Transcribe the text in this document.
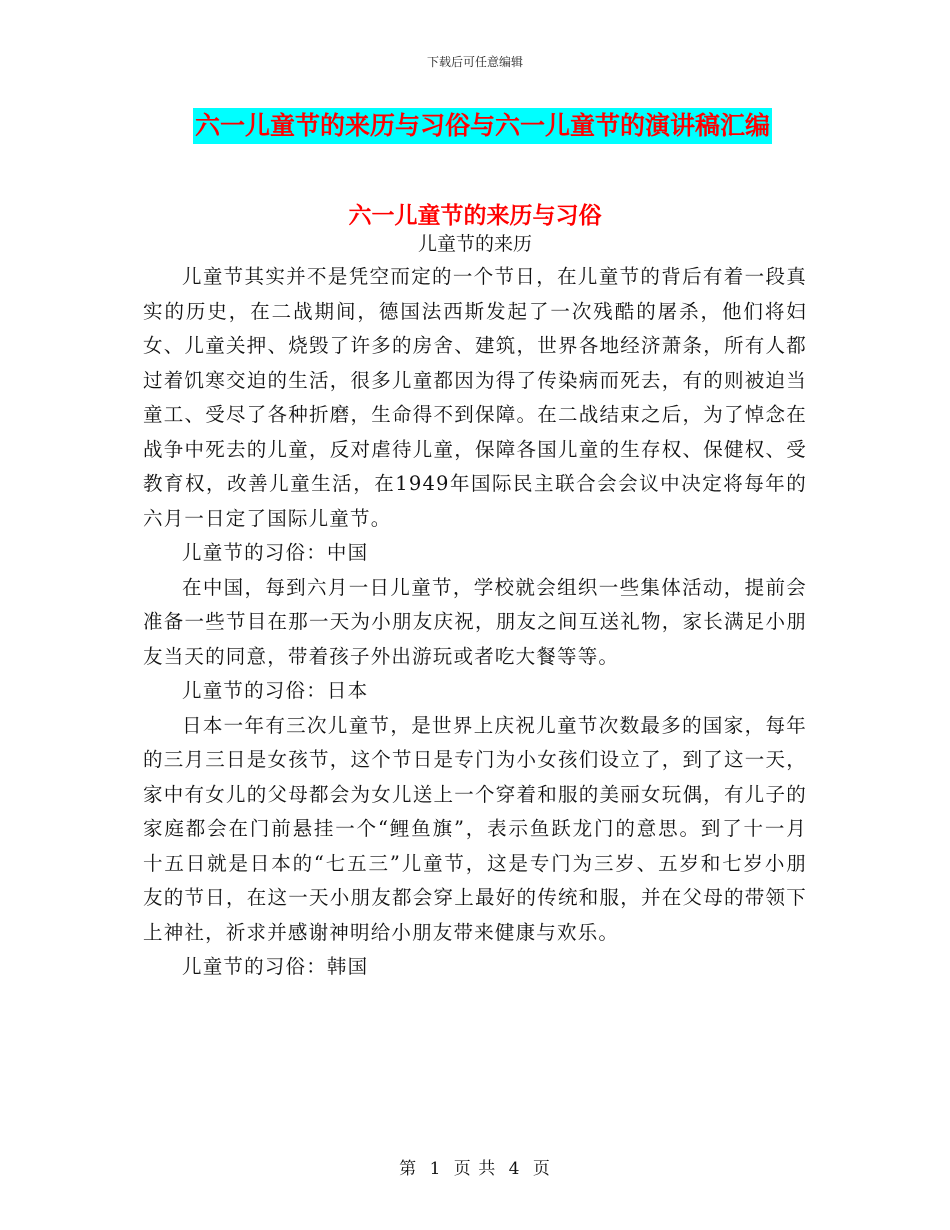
下载后可任意编辑
六一儿童节的来历与习俗与六一儿童节的演讲稿汇编
六一儿童节的来历与习俗
儿童节的来历

儿童节其实并不是凭空而定的一个节日，在儿童节的背后有着一段真实的历史，在二战期间，德国法西斯发起了一次残酷的屠杀，他们将妇女、儿童关押、烧毁了许多的房舍、建筑，世界各地经济萧条，所有人都过着饥寒交迫的生活，很多儿童都因为得了传染病而死去，有的则被迫当童工、受尽了各种折磨，生命得不到保障。在二战结束之后，为了悼念在战争中死去的儿童，反对虐待儿童，保障各国儿童的生存权、保健权、受教育权，改善儿童生活，在1949年国际民主联合会会议中决定将每年的六月一日定了国际儿童节。

儿童节的习俗：中国

在中国，每到六月一日儿童节，学校就会组织一些集体活动，提前会准备一些节目在那一天为小朋友庆祝，朋友之间互送礼物，家长满足小朋友当天的同意，带着孩子外出游玩或者吃大餐等等。

儿童节的习俗：日本

日本一年有三次儿童节，是世界上庆祝儿童节次数最多的国家，每年的三月三日是女孩节，这个节日是专门为小女孩们设立了，到了这一天，家中有女儿的父母都会为女儿送上一个穿着和服的美丽女玩偶，有儿子的家庭都会在门前悬挂一个“鲤鱼旗”，表示鱼跃龙门的意思。到了十一月十五日就是日本的“七五三”儿童节，这是专门为三岁、五岁和七岁小朋友的节日，在这一天小朋友都会穿上最好的传统和服，并在父母的带领下上神社，祈求并感谢神明给小朋友带来健康与欢乐。

儿童节的习俗：韩国

第 1 页 共 4 页
